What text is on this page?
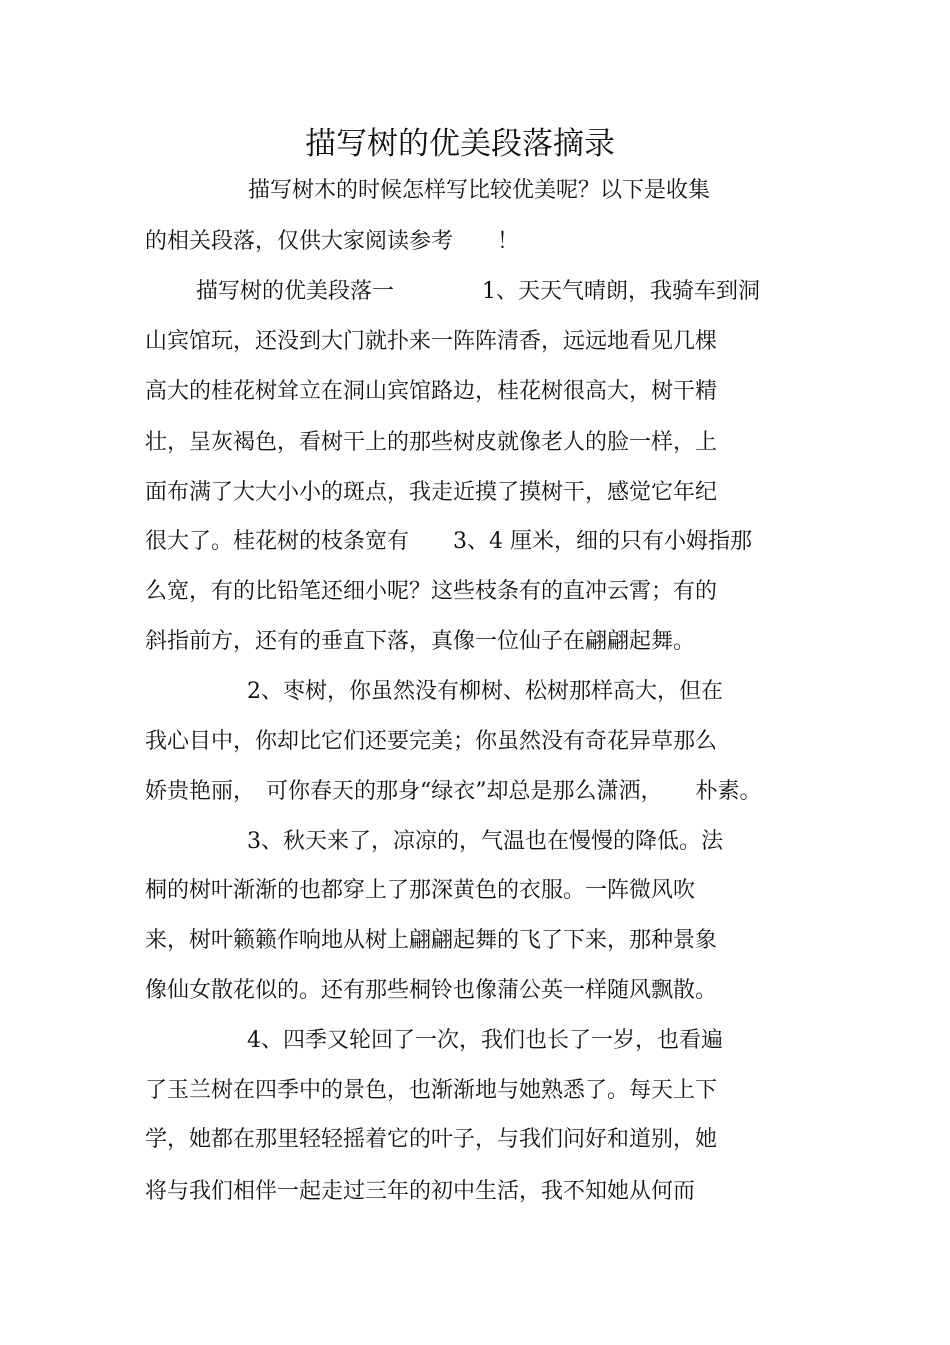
描写树的优美段落摘录
描写树木的时候怎样写比较优美呢？以下是收集
的相关段落，仅供大家阅读参考　　！
描写树的优美段落一　　　　1、天天气晴朗，我骑车到洞
山宾馆玩，还没到大门就扑来一阵阵清香，远远地看见几棵
高大的桂花树耸立在洞山宾馆路边，桂花树很高大，树干精
壮，呈灰褐色，看树干上的那些树皮就像老人的脸一样，上
面布满了大大小小的斑点，我走近摸了摸树干，感觉它年纪
很大了。桂花树的枝条宽有　　3、4 厘米，细的只有小姆指那
么宽，有的比铅笔还细小呢？这些枝条有的直冲云霄；有的
斜指前方，还有的垂直下落，真像一位仙子在翩翩起舞。
2、枣树，你虽然没有柳树、松树那样高大，但在
我心目中，你却比它们还要完美；你虽然没有奇花异草那么
娇贵艳丽，　可你春天的那身“绿衣”却总是那么潇洒，　　朴素。
3、秋天来了，凉凉的，气温也在慢慢的降低。法
桐的树叶渐渐的也都穿上了那深黄色的衣服。一阵微风吹
来，树叶籁籁作响地从树上翩翩起舞的飞了下来，那种景象
像仙女散花似的。还有那些桐铃也像蒲公英一样随风飘散。
4、四季又轮回了一次，我们也长了一岁，也看遍
了玉兰树在四季中的景色，也渐渐地与她熟悉了。每天上下
学，她都在那里轻轻摇着它的叶子，与我们问好和道别，她
将与我们相伴一起走过三年的初中生活，我不知她从何而
